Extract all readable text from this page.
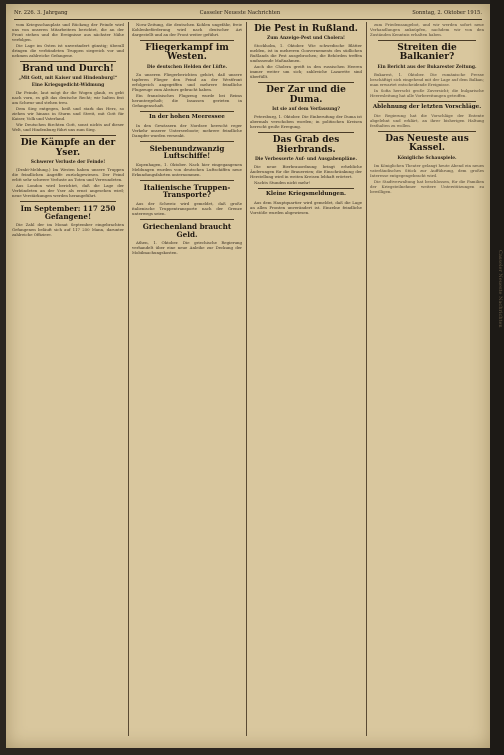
Casseler Neueste Nachrichten
Nr. 226. 3. Jahrgang	Casseler Neueste Nachrichten	Sonntag, 2. Oktober 1915.

vom Kriegsschauplatz und Rückzug der Feinde wird uns von unseren Mitarbeitern berichtet, die an der Front stehen und die Ereignisse aus nächster Nähe verfolgen.

Die Lage im Osten ist unverändert günstig; überall dringen die verbündeten Truppen siegreich vor und nehmen zahlreiche Gefangene.

Brand und Durch!
„Mit Gott, mit Kaiser und Hindenburg!“
Eine Kriegsgedicht-Widmung

Ihr Feinde, laut mögt ihr die Wogen glaub, es geht nach vorn, es gilt das deutsche Recht; wir halten fest am Schwur und stehen treu.

Dem Sieg entgegen, heiß und stark das Herz, so ziehen wir hinaus in Sturm und Streit, mit Gott für Kaiser, Volk und Vaterland.

Wir Deutschen fürchten Gott, sonst nichts auf dieser Welt, und Hindenburg führt uns zum Sieg.

Die Kämpfe an der Yser.
Schwerer Verluste der Feinde!

(Draht-Meldung.) Im Westen haben unsere Truppen die feindlichen Angriffe zurückgewiesen. Der Feind erlitt sehr schwere Verluste an Toten und Verwundeten.

Aus London wird berichtet, daß die Lage der Verbündeten an der Yser als ernst angesehen wird; neue Verstärkungen werden herangeführt.

Im September: 117 250 Gefangene!

Die Zahl der im Monat September eingebrachten Gefangenen beläuft sich auf 117 250 Mann, darunter zahlreiche Offiziere.

Nova-Zeitung, die deutschen Kohlen ungefähr, freie Kohlenbeförderung wird nach deutscher Art dargestellt und an der Front weiter geführt.

Fliegerkampf im Westen.
Die deutschen Helden der Lüfte.

Zu unseren Fliegerberichten gehört, daß unsere tapferen Flieger den Feind an der Westfront erfolgreich angegriffen und mehrere feindliche Flugzeuge zum Absturz gebracht haben.

Ein französisches Flugzeug wurde bei Reims heruntergeholt; die Insassen gerieten in Gefangenschaft.

In der hohen Meeressee

In den Gewässern der Nordsee herrscht reger Verkehr unserer Unterseeboote; mehrere feindliche Dampfer wurden versenkt.

Siebenundzwanzig Luftschiffe!

Kopenhagen, 1. Oktober. Nach hier eingegangenen Meldungen wurden von deutschen Luftschiffen neue Erkundungsfahrten unternommen.

Italienische Truppen-Transporte?

Aus der Schweiz wird gemeldet, daß große italienische Truppentransporte nach der Grenze unterwegs seien.

Griechenland braucht Geld.

Athen, 1. Oktober. Die griechische Regierung verhandelt über eine neue Anleihe zur Deckung der Mobilmachungskosten.

Die Pest in Rußland.
Zum Anzeige-Pest und Cholera!

Stockholm, 1. Oktober. Wie schwedische Blätter melden, ist in mehreren Gouvernements des südlichen Rußlands die Pest ausgebrochen; die Behörden treffen umfassende Maßnahmen.

Auch die Cholera greift in den russischen Heeren immer weiter um sich; zahlreiche Lazarette sind überfüllt.

Der Zar und die Duma.
Ist sie auf dem Verfassung?

Petersburg, 1. Oktober. Die Einberufung der Duma ist abermals verschoben worden; in politischen Kreisen herrscht große Erregung.

Das Grab des Bierbrands.
Die Verbesserte Auf- und Ausgabenpläne.

Die neue Bierbrauordnung bringt erhebliche Änderungen für die Brauereien; die Einschränkung der Herstellung wird in weiten Kreisen lebhaft erörtert.

Nachts Stunden nicht mehr!

Kleine Kriegsmeldungen.

Aus dem Hauptquartier wird gemeldet, daß die Lage an allen Fronten unverändert ist. Einzelne feindliche Vorstöße wurden abgewiesen.

zum Friedensangebot, und wir werden sofort neue Verhandlungen anknüpfen, nachdem wir von den Zuständen Kenntnis erhalten haben.

Streiten die Balkanier?
Ein Bericht aus der Bukarester Zeitung.

Bukarest, 1. Oktober. Die rumänische Presse beschäftigt sich eingehend mit der Lage auf dem Balkan; man erwartet entscheidende Ereignisse.

In Sofia herrscht große Zuversicht; die bulgarische Heeresleitung hat alle Vorbereitungen getroffen.

Ablehnung der letzten Vorschläge.

Die Regierung hat die Vorschläge der Entente abgelehnt und erklärt, an ihrer bisherigen Haltung festhalten zu wollen.

Das Neueste aus Kassel.
Königliche Schauspiele.

Im Königlichen Theater gelangt heute Abend ein neues vaterländisches Stück zur Aufführung, dem großes Interesse entgegengebracht wird.

Die Stadtverwaltung hat beschlossen, für die Familien der Kriegsteilnehmer weitere Unterstützungen zu bewilligen.
